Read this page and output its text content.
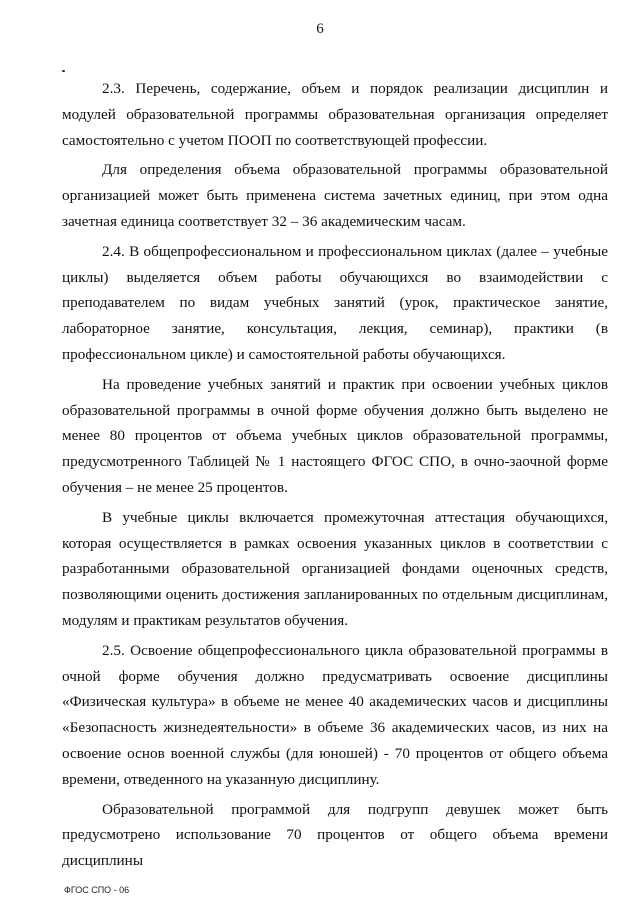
6

2.3. Перечень, содержание, объем и порядок реализации дисциплин и модулей образовательной программы образовательная организация определяет самостоятельно с учетом ПООП по соответствующей профессии.

Для определения объема образовательной программы образовательной организацией может быть применена система зачетных единиц, при этом одна зачетная единица соответствует 32 – 36 академическим часам.

2.4. В общепрофессиональном и профессиональном циклах (далее – учебные циклы) выделяется объем работы обучающихся во взаимодействии с преподавателем по видам учебных занятий (урок, практическое занятие, лабораторное занятие, консультация, лекция, семинар), практики (в профессиональном цикле) и самостоятельной работы обучающихся.

На проведение учебных занятий и практик при освоении учебных циклов образовательной программы в очной форме обучения должно быть выделено не менее 80 процентов от объема учебных циклов образовательной программы, предусмотренного Таблицей № 1 настоящего ФГОС СПО, в очно-заочной форме обучения – не менее 25 процентов.

В учебные циклы включается промежуточная аттестация обучающихся, которая осуществляется в рамках освоения указанных циклов в соответствии с разработанными образовательной организацией фондами оценочных средств, позволяющими оценить достижения запланированных по отдельным дисциплинам, модулям и практикам результатов обучения.

2.5. Освоение общепрофессионального цикла образовательной программы в очной форме обучения должно предусматривать освоение дисциплины «Физическая культура» в объеме не менее 40 академических часов и дисциплины «Безопасность жизнедеятельности» в объеме 36 академических часов, из них на освоение основ военной службы (для юношей) - 70 процентов от общего объема времени, отведенного на указанную дисциплину.

Образовательной программой для подгрупп девушек может быть предусмотрено использование 70 процентов от общего объема времени дисциплины

ФГОС СПО - 06
